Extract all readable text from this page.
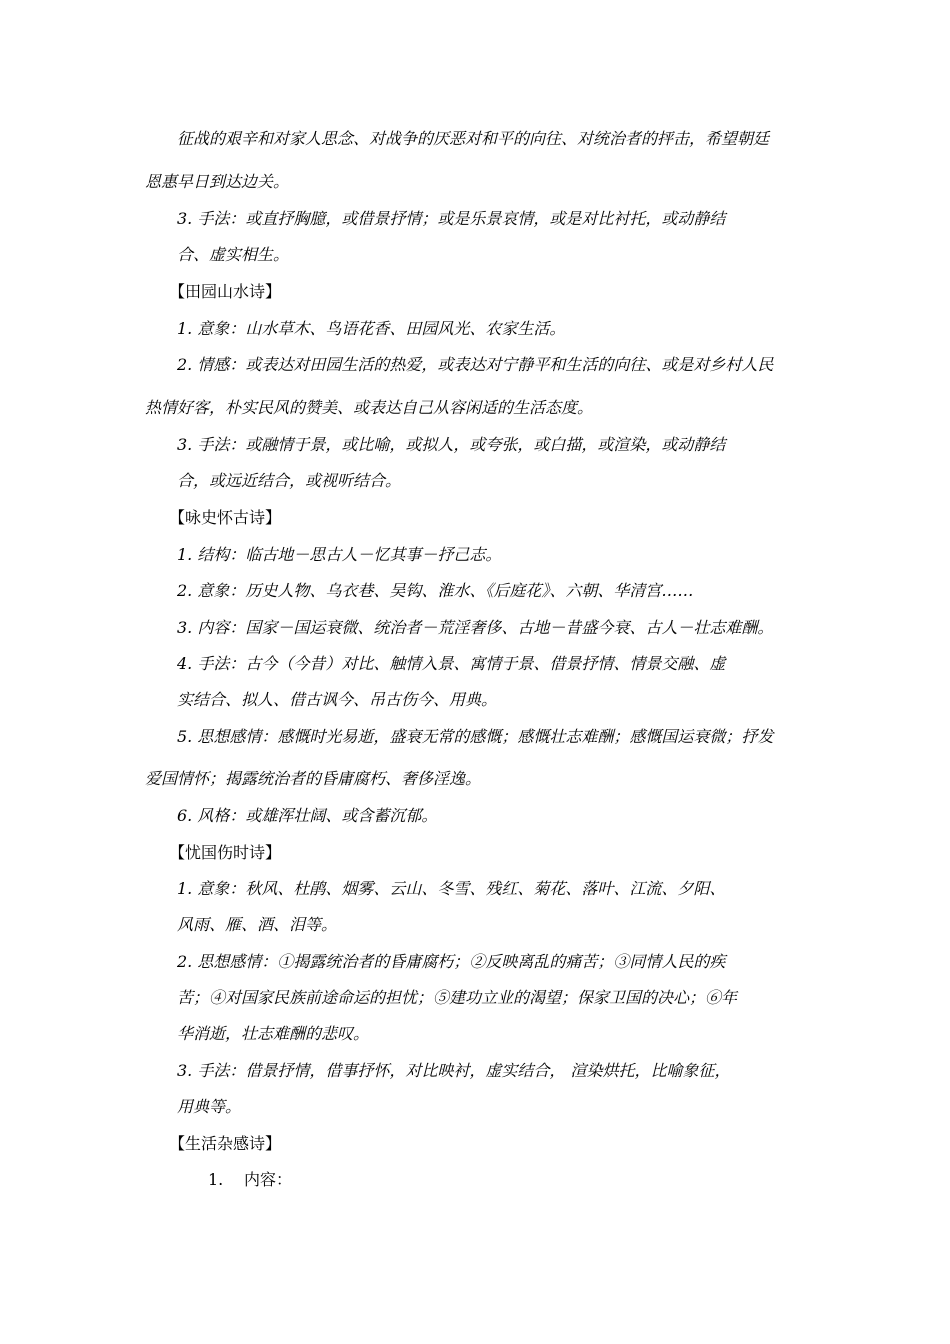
征战的艰辛和对家人思念、对战争的厌恶对和平的向往、对统治者的抨击，希望朝廷
恩惠早日到达边关。
3. 手法：或直抒胸臆，或借景抒情；或是乐景哀情，或是对比衬托，或动静结
合、虚实相生。
【田园山水诗】
1. 意象：山水草木、鸟语花香、田园风光、农家生活。
2. 情感：或表达对田园生活的热爱，或表达对宁静平和生活的向往、或是对乡村人民
热情好客，朴实民风的赞美、或表达自己从容闲适的生活态度。
3. 手法：或融情于景，或比喻，或拟人，或夸张，或白描，或渲染，或动静结
合，或远近结合，或视听结合。
【咏史怀古诗】
1. 结构：临古地－思古人－忆其事－抒己志。
2. 意象：历史人物、乌衣巷、吴钩、淮水、《后庭花》、六朝、华清宫……
3. 内容：国家－国运衰微、统治者－荒淫奢侈、古地－昔盛今衰、古人－壮志难酬。
4. 手法：古今（今昔）对比、触情入景、寓情于景、借景抒情、情景交融、虚
实结合、拟人、借古讽今、吊古伤今、用典。
5. 思想感情：感慨时光易逝，盛衰无常的感慨；感慨壮志难酬；感慨国运衰微；抒发
爱国情怀；揭露统治者的昏庸腐朽、奢侈淫逸。
6. 风格：或雄浑壮阔、或含蓄沉郁。
【忧国伤时诗】
1. 意象：秋风、杜鹃、烟雾、云山、冬雪、残红、菊花、落叶、江流、夕阳、
风雨、雁、酒、泪等。
2. 思想感情：①揭露统治者的昏庸腐朽；②反映离乱的痛苦；③同情人民的疾
苦；④对国家民族前途命运的担忧；⑤建功立业的渴望；保家卫国的决心；⑥年
华消逝，壮志难酬的悲叹。
3. 手法：借景抒情，借事抒怀，对比映衬，虚实结合， 渲染烘托，比喻象征，
用典等。
【生活杂感诗】
1. 内容：
